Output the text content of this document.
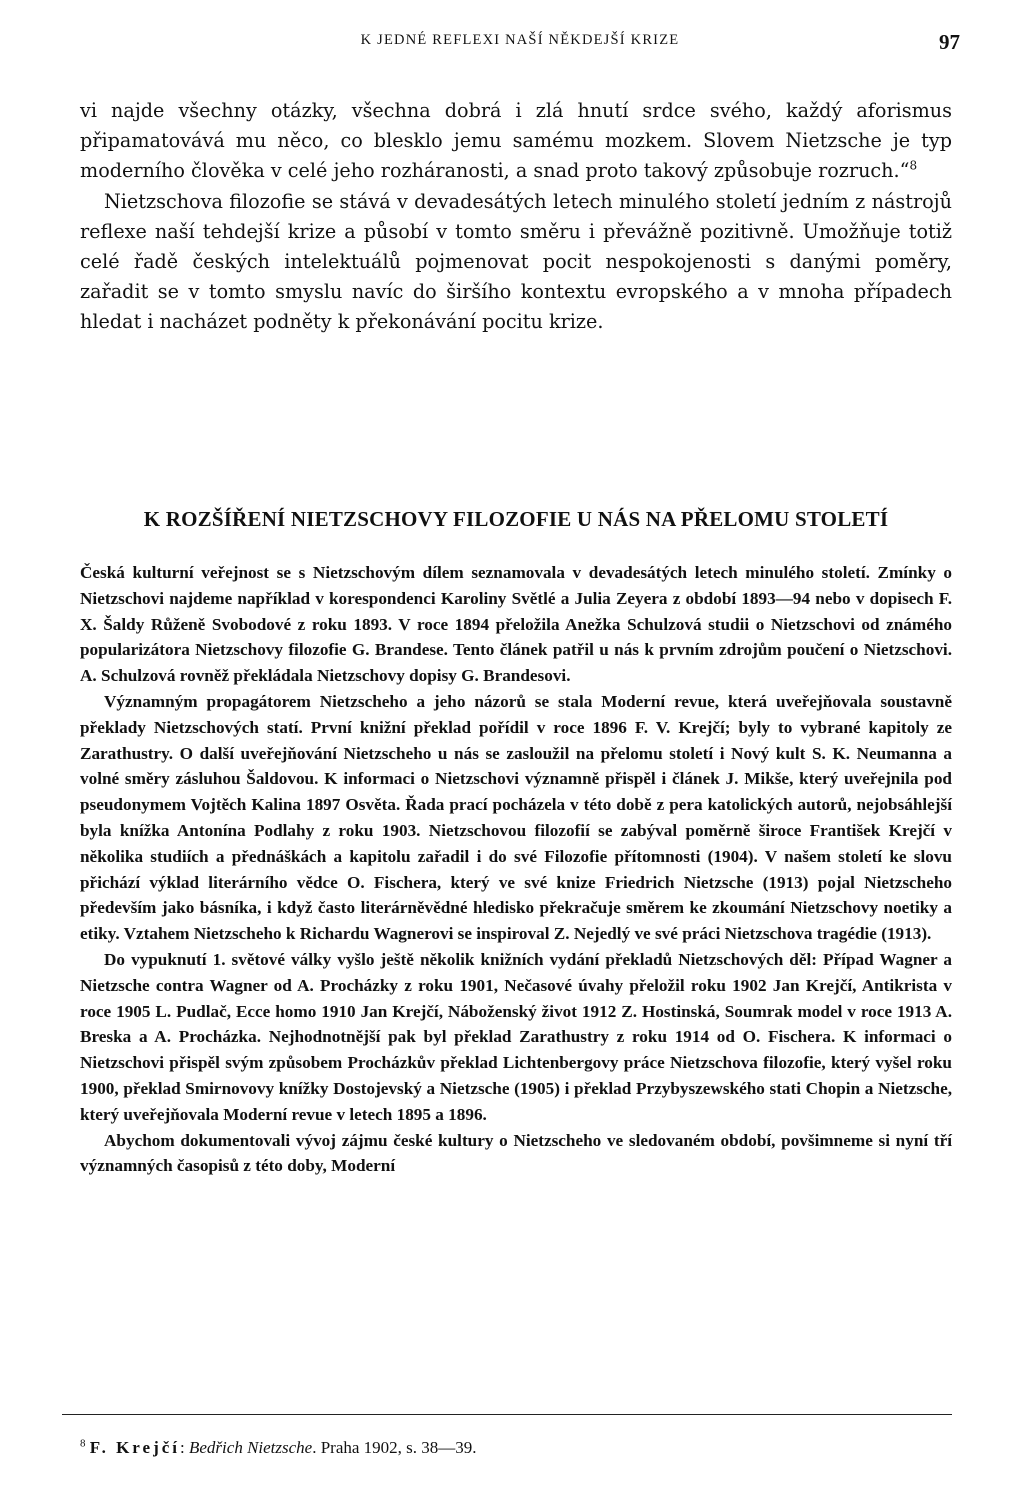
K JEDNÉ REFLEXI NAŠÍ NĚKDEJŠÍ KRIZE	97

vi najde všechny otázky, všechna dobrá i zlá hnutí srdce svého, každý aforismus připamatovává mu něco, co blesklo jemu samému mozkem. Slovem Nietzsche je typ moderního člověka v celé jeho rozháranosti, a snad proto takový způsobuje rozruch.“$^8$

Nietzschova filozofie se stává v devadesátých letech minulého století jedním z nástrojů reflexe naší tehdejší krize a působí v tomto směru i převážně pozitivně. Umožňuje totiž celé řadě českých intelektuálů pojmenovat pocit nespokojenosti s danými poměry, zařadit se v tomto smyslu navíc do širšího kontextu evropského a v mnoha případech hledat i nacházet podněty k překonávání pocitu krize.

K ROZŠÍŘENÍ NIETZSCHOVY FILOZOFIE U NÁS NA PŘELOMU STOLETÍ

Česká kulturní veřejnost se s Nietzschovým dílem seznamovala v devadesátých letech minulého století. Zmínky o Nietzschovi najdeme například v korespondenci Karoliny Světlé a Julia Zeyera z období 1893—94 nebo v dopisech F. X. Šaldy Růženě Svobodové z roku 1893. V roce 1894 přeložila Anežka Schulzová studii o Nietzschovi od známého popularizátora Nietzschovy filozofie G. Brandese. Tento článek patřil u nás k prvním zdrojům poučení o Nietzschovi. A. Schulzová rovněž překládala Nietzschovy dopisy G. Brandesovi.

Významným propagátorem Nietzscheho a jeho názorů se stala Moderní revue, která uveřejňovala soustavně překlady Nietzschových statí. První knižní překlad pořídil v roce 1896 F. V. Krejčí; byly to vybrané kapitoly ze Zarathustry. O další uveřejňování Nietzscheho u nás se zasloužil na přelomu století i Nový kult S. K. Neumanna a volné směry zásluhou Šaldovou. K informaci o Nietzschovi významně přispěl i článek J. Mikše, který uveřejnila pod pseudonymem Vojtěch Kalina 1897 Osvěta. Řada prací pocházela v této době z pera katolických autorů, nejobsáhlejší byla knížka Antonína Podlahy z roku 1903. Nietzschovou filozofií se zabýval poměrně široce František Krejčí v několika studiích a přednáškách a kapitolu zařadil i do své Filozofie přítomnosti (1904). V našem století ke slovu přichází výklad literárního vědce O. Fischera, který ve své knize Friedrich Nietzsche (1913) pojal Nietzscheho především jako básníka, i když často literárněvědné hledisko překračuje směrem ke zkoumání Nietzschovy noetiky a etiky. Vztahem Nietzscheho k Richardu Wagnerovi se inspiroval Z. Nejedlý ve své práci Nietzschova tragédie (1913).

Do vypuknutí 1. světové války vyšlo ještě několik knižních vydání překladů Nietzschových děl: Případ Wagner a Nietzsche contra Wagner od A. Procházky z roku 1901, Nečasové úvahy přeložil roku 1902 Jan Krejčí, Antikrista v roce 1905 L. Pudlač, Ecce homo 1910 Jan Krejčí, Náboženský život 1912 Z. Hostinská, Soumrak model v roce 1913 A. Breska a A. Procházka. Nejhodnotnější pak byl překlad Zarathustry z roku 1914 od O. Fischera. K informaci o Nietzschovi přispěl svým způsobem Procházkův překlad Lichtenbergovy práce Nietzschova filozofie, který vyšel roku 1900, překlad Smirnovovy knížky Dostojevský a Nietzsche (1905) i překlad Przybyszewského stati Chopin a Nietzsche, který uveřejňovala Moderní revue v letech 1895 a 1896.

Abychom dokumentovali vývoj zájmu české kultury o Nietzscheho ve sledovaném období, povšimneme si nyní tří významných časopisů z této doby, Moderní

$^8$ F. Krejčí: Bedřich Nietzsche. Praha 1902, s. 38—39.
